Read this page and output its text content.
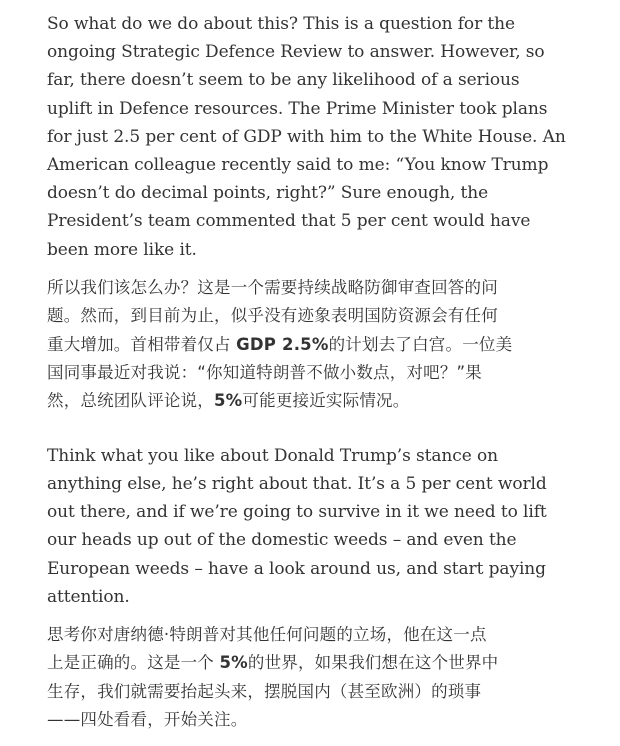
So what do we do about this? This is a question for the
ongoing Strategic Defence Review to answer. However, so
far, there doesn’t seem to be any likelihood of a serious
uplift in Defence resources. The Prime Minister took plans
for just 2.5 per cent of GDP with him to the White House. An
American colleague recently said to me: “You know Trump
doesn’t do decimal points, right?” Sure enough, the
President’s team commented that 5 per cent would have
been more like it.

所以我们该怎么办？这是一个需要持续战略防御审查回答的问
题。然而，到目前为止，似乎没有迹象表明国防资源会有任何
重大增加。首相带着仅占 GDP 2.5%的计划去了白宫。一位美
国同事最近对我说：“你知道特朗普不做小数点，对吧？”果
然，总统团队评论说，5%可能更接近实际情况。

Think what you like about Donald Trump’s stance on
anything else, he’s right about that. It’s a 5 per cent world
out there, and if we’re going to survive in it we need to lift
our heads up out of the domestic weeds – and even the
European weeds – have a look around us, and start paying
attention.

思考你对唐纳德·特朗普对其他任何问题的立场，他在这一点
上是正确的。这是一个 5%的世界，如果我们想在这个世界中
生存，我们就需要抬起头来，摆脱国内（甚至欧洲）的琐事
——四处看看，开始关注。
